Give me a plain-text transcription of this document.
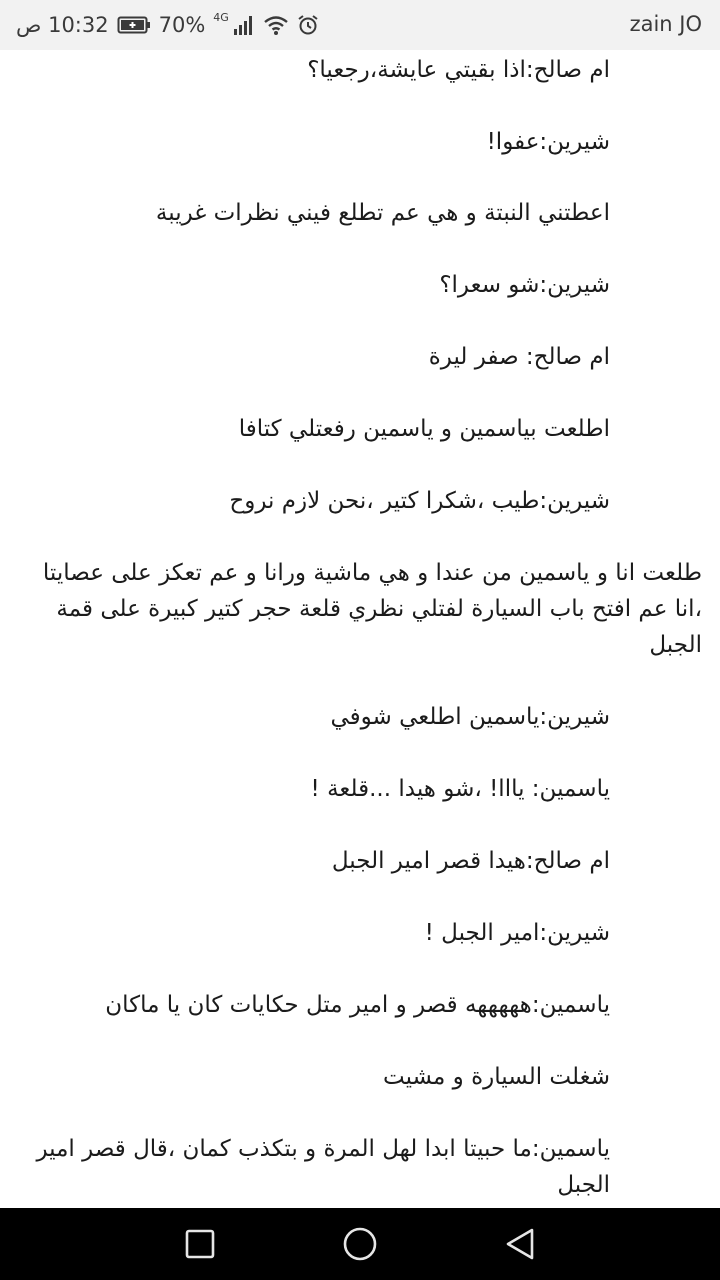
10:32 ص 70% 4G	zain JO

ام صالح:اذا بقيتي عايشة،رجعيا؟

شيرين:عفوا!

اعطتني النبتة و هي عم تطلع فيني نظرات غريبة

شيرين:شو سعرا؟

ام صالح: صفر ليرة

اطلعت بياسمين و ياسمين رفعتلي كتافا

شيرين:طيب ،شكرا كتير ،نحن لازم نروح

طلعت انا و ياسمين من عندا و هي ماشية ورانا و عم تعكز على عصايتا ،انا عم افتح باب السيارة لفتلي نظري قلعة حجر كتير كبيرة على قمة الجبل

شيرين:ياسمين اطلعي شوفي

ياسمين: يااا! ،شو هيدا ...قلعة !

ام صالح:هيدا قصر امير الجبل

شيرين:امير الجبل !

ياسمين:هههههه قصر و امير متل حكايات كان يا ماكان

شغلت السيارة و مشيت

ياسمين:ما حبيتا ابدا لهل المرة و بتكذب كمان ،قال قصر امير الجبل
